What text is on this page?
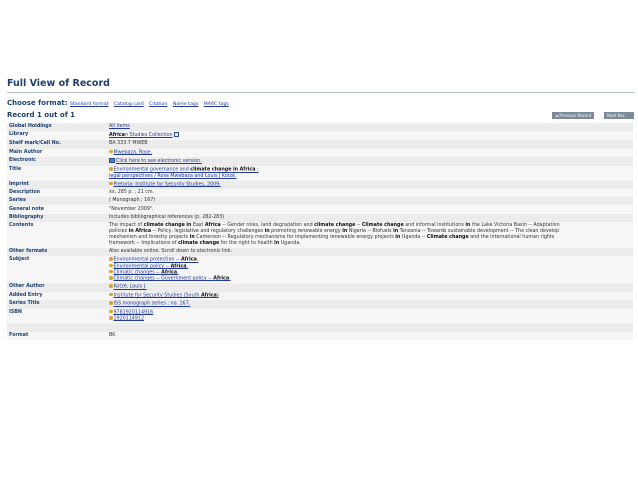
Full View of Record
Choose format: Standard format Catalog card Citation Name tags MARC tags
Record 1 out of 1	◄ Previous Record	Next Rec
Global Holdings	All items
Library	African Studies Collection
Shelf mark/Call No.	BA 333.7 MWEB
Main Author	Mwebaza, Rose.
Electronic	Click here to see electronic version.
Title	Environmental governance and climate change in Africa :
legal perspectives / Rose Mwebaza and Louis J Kotzé.
Imprint	Pretoria: Institute for Security Studies, 2009.
Description	xx, 285 p. ; 21 cm.
Series	( Monograph ; 167)
General note	"November 2009".
Bibliography	Includes bibliographical references (p. 282-283)
Contents	The impact of climate change in East Africa -- Gender roles, land degradation and climate change -- Climate change and informal institutions in the Lake Victoria Basin -- Adaptation
policies in Africa -- Policy, legislative and regulatory challenges in promoting renewable energy in Nigeria -- Biofuels in Tanzania -- Towards sustainable development -- The clean develop
mechanism and forestry projects in Cameroon -- Regulatory mechanisms for implementing renewable energy projects in Uganda -- Climate change and the international human rights
framework -- Implications of climate change for the right to health in Uganda.
Other formats	Also available online. Scroll down to electronic link.
Subject	Environmental protection -- Africa.
Environmental policy -- Africa.
Climatic changes -- Africa.
Climatic changes -- Government policy -- Africa.
Other Author	Kotzé, Louis J.
Added Entry	Institute for Security Studies (South Africa)
Series Title	ISS monograph series ; no. 167.
ISBN	9781920114916
1920114912
Format	BK
